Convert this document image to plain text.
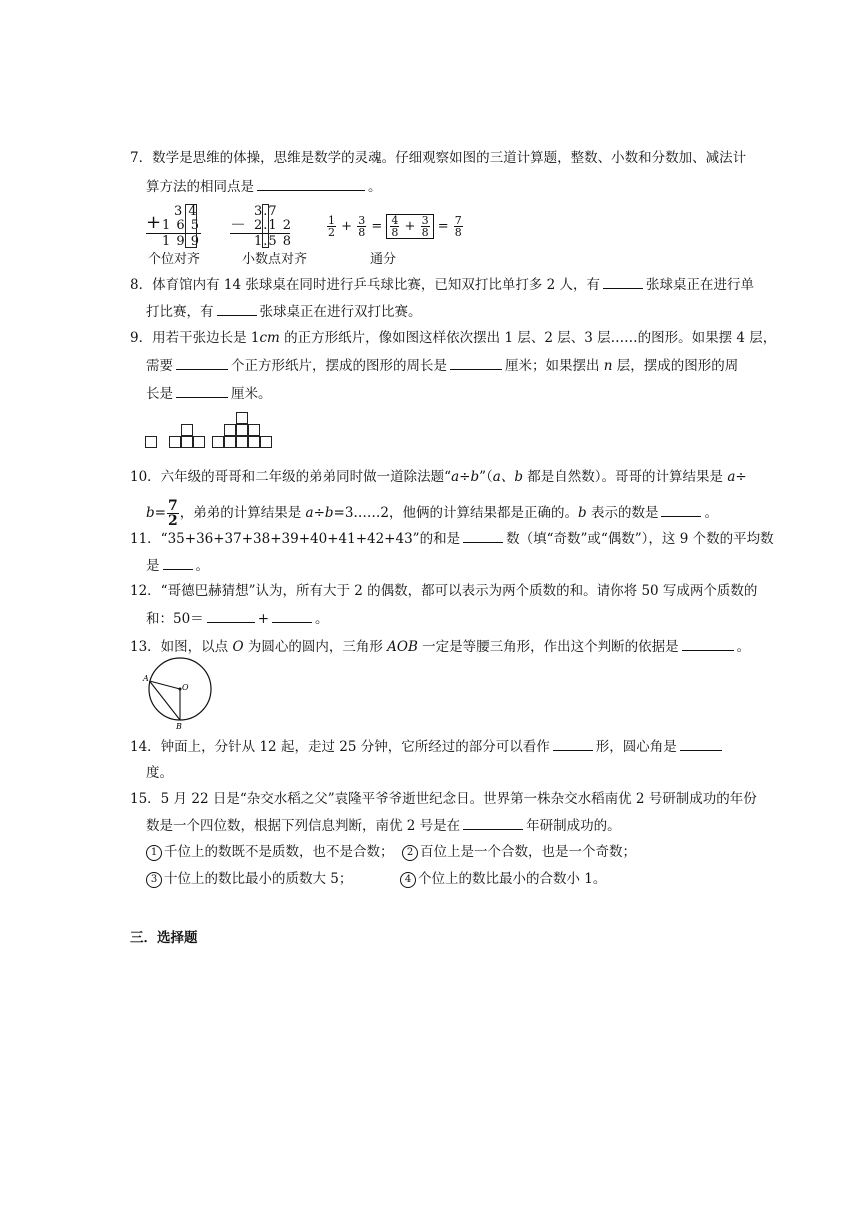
7．数学是思维的体操，思维是数学的灵魂。仔细观察如图的三道计算题，整数、小数和分数加、减法计
算方法的相同点是	。
+
3 4
1 6 5
1 9 9
个位对齐
－
3.7
2.1 2
1.5 8
小数点对齐
$\frac{1}{2} + \frac{3}{8} = \frac{4}{8} + \frac{3}{8} = \frac{7}{8}$
通分
8．体育馆内有 14 张球桌在同时进行乒乓球比赛，已知双打比单打多 2 人，有	张球桌正在进行单
打比赛，有	张球桌正在进行双打比赛。
9．用若干张边长是 1cm 的正方形纸片，像如图这样依次摆出 1 层、2 层、3 层……的图形。如果摆 4 层，
需要	个正方形纸片，摆成的图形的周长是	厘米；如果摆出 n 层，摆成的图形的周
长是	厘米。
10．六年级的哥哥和二年级的弟弟同时做一道除法题“a÷b”（a、b 都是自然数）。哥哥的计算结果是 a÷
$b= \frac{7}{2}$ ，弟弟的计算结果是 a÷b=3……2，他俩的计算结果都是正确的。b 表示的数是	。
11．“35+36+37+38+39+40+41+42+43”的和是	数（填“奇数”或“偶数”），这 9 个数的平均数
是	。
12．“哥德巴赫猜想”认为，所有大于 2 的偶数，都可以表示为两个质数的和。请你将 50 写成两个质数的
和：50＝	+	。
13．如图，以点 O 为圆心的圆内，三角形 AOB 一定是等腰三角形，作出这个判断的依据是	。
A
O
B
14．钟面上，分针从 12 起，走过 25 分钟，它所经过的部分可以看作	形，圆心角是
度。
15．5 月 22 日是“杂交水稻之父”袁隆平爷爷逝世纪念日。世界第一株杂交水稻南优 2 号研制成功的年份
数是一个四位数，根据下列信息判断，南优 2 号是在	年研制成功的。
1 千位上的数既不是质数，也不是合数；	2 百位上是一个合数，也是一个奇数；
3 十位上的数比最小的质数大 5；	4 个位上的数比最小的合数小 1。
三．选择题
